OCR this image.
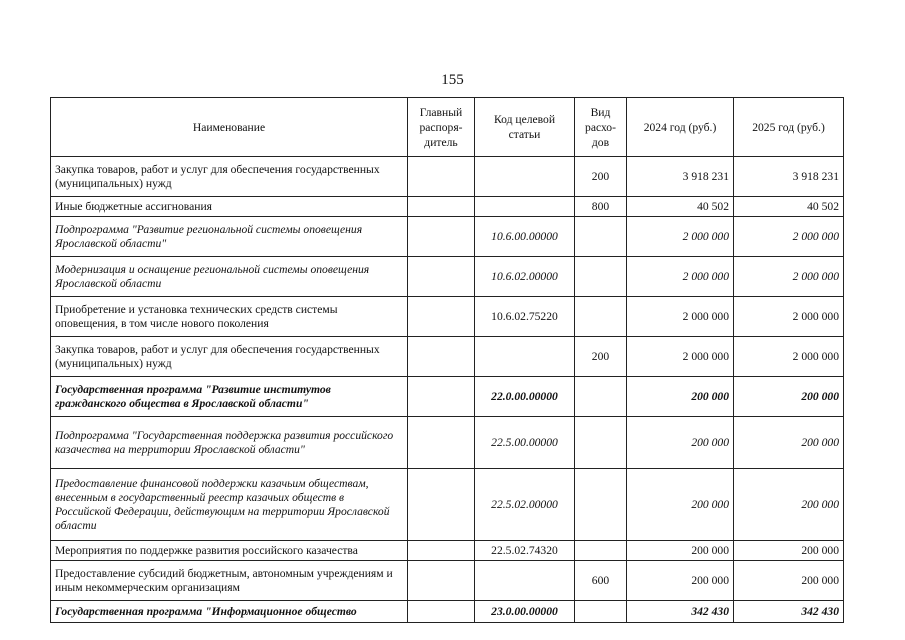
155
Наименование	Главный распоря-дитель	Код целевой статьи	Вид расхо-дов	2024 год (руб.)	2025 год (руб.)
Закупка товаров, работ и услуг для обеспечения государственных (муниципальных) нужд			200	3 918 231	3 918 231
Иные бюджетные ассигнования			800	40 502	40 502
Подпрограмма "Развитие региональной системы оповещения Ярославской области"		10.6.00.00000		2 000 000	2 000 000
Модернизация и оснащение региональной системы оповещения Ярославской области		10.6.02.00000		2 000 000	2 000 000
Приобретение и установка технических средств системы оповещения, в том числе нового поколения		10.6.02.75220		2 000 000	2 000 000
Закупка товаров, работ и услуг для обеспечения государственных (муниципальных) нужд			200	2 000 000	2 000 000
Государственная программа "Развитие институтов гражданского общества в Ярославской области"		22.0.00.00000		200 000	200 000
Подпрограмма "Государственная поддержка развития российского казачества на территории Ярославской области"		22.5.00.00000		200 000	200 000
Предоставление финансовой поддержки казачьим обществам, внесенным в государственный реестр казачьих обществ в Российской Федерации, действующим на территории Ярославской области		22.5.02.00000		200 000	200 000
Мероприятия по поддержке развития российского казачества		22.5.02.74320		200 000	200 000
Предоставление субсидий бюджетным, автономным учреждениям и иным некоммерческим организациям			600	200 000	200 000
Государственная программа "Информационное общество		23.0.00.00000		342 430	342 430
